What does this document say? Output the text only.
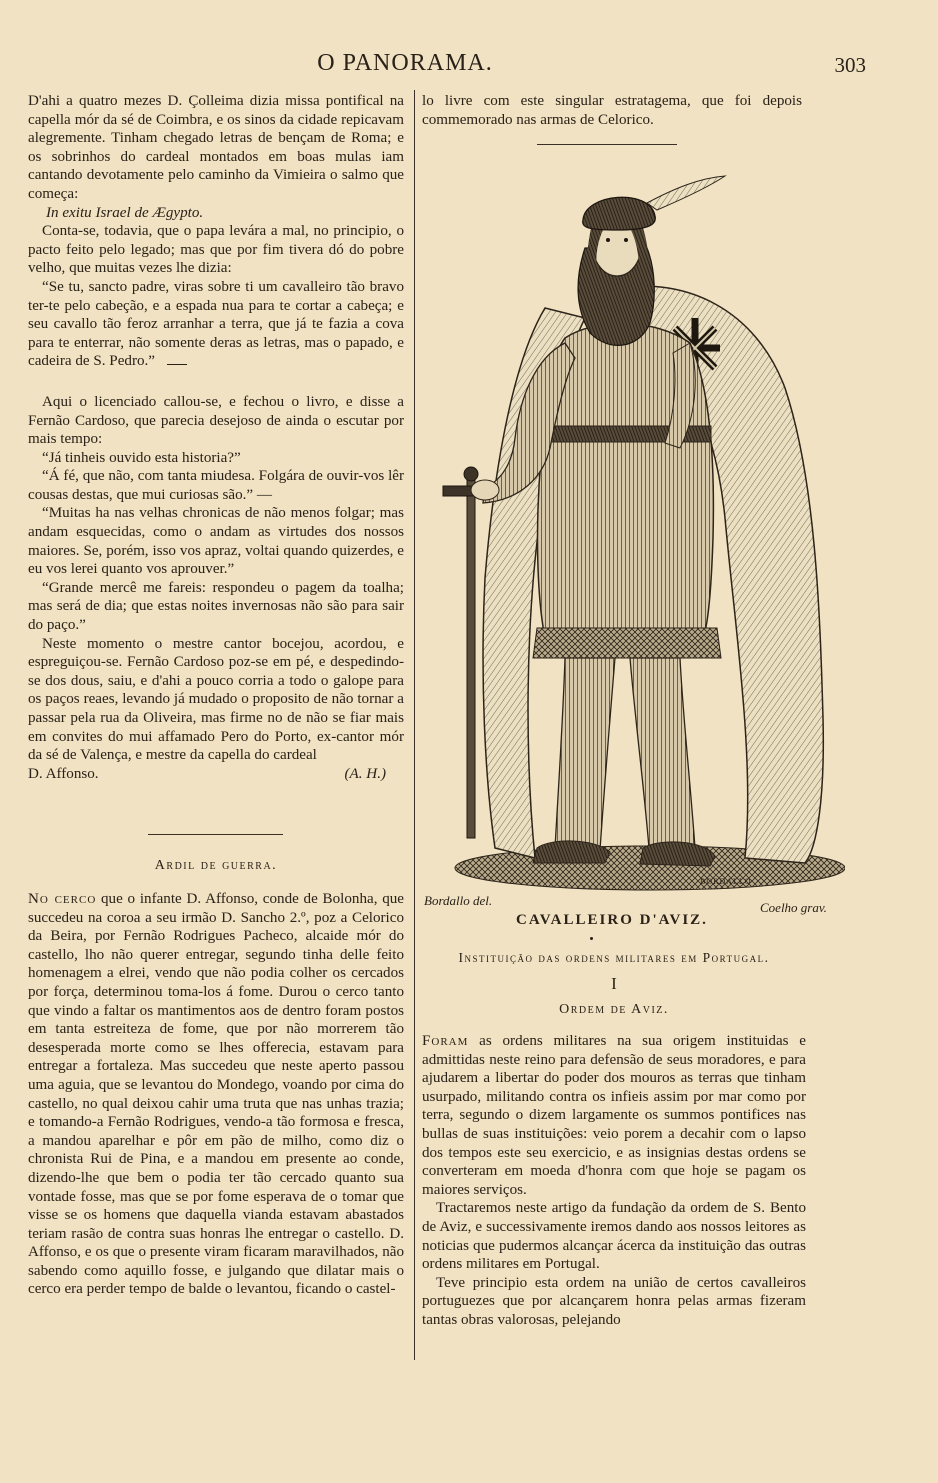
O PANORAMA.	303

D'ahi a quatro mezes D. Çolleima dizia missa pontifical na capella mór da sé de Coimbra, e os sinos da cidade repicavam alegremente. Tinham chegado letras de bençam de Roma; e os sobrinhos do cardeal montados em boas mulas iam cantando devotamente pelo caminho da Vimieira o salmo que começa:

In exitu Israel de Ægypto.

Conta-se, todavia, que o papa levára a mal, no principio, o pacto feito pelo legado; mas que por fim tivera dó do pobre velho, que muitas vezes lhe dizia:

“Se tu, sancto padre, viras sobre ti um cavalleiro tão bravo ter-te pelo cabeção, e a espada nua para te cortar a cabeça; e seu cavallo tão feroz arranhar a terra, que já te fazia a cova para te enterrar, não somente deras as letras, mas o papado, e cadeira de S. Pedro.”

Aqui o licenciado callou-se, e fechou o livro, e disse a Fernão Cardoso, que parecia desejoso de ainda o escutar por mais tempo:

“Já tinheis ouvido esta historia?”

“Á fé, que não, com tanta miudesa. Folgára de ouvir-vos lêr cousas destas, que mui curiosas são.” —

“Muitas ha nas velhas chronicas de não menos folgar; mas andam esquecidas, como o andam as virtudes dos nossos maiores. Se, porém, isso vos apraz, voltai quando quizerdes, e eu vos lerei quanto vos aprouver.”

“Grande mercê me fareis: respondeu o pagem da toalha; mas será de dia; que estas noites invernosas não são para sair do paço.”

Neste momento o mestre cantor bocejou, acordou, e espreguiçou-se. Fernão Cardoso poz-se em pé, e despedindo-se dos dous, saiu, e d'ahi a pouco corria a todo o galope para os paços reaes, levando já mudado o proposito de não tornar a passar pela rua da Oliveira, mas firme no de não se fiar mais em convites do mui affamado Pero do Porto, ex-cantor mór da sé de Valença, e mestre da capella do cardeal

D. Affonso.	(A. H.)
Ardil de guerra.

No cerco que o infante D. Affonso, conde de Bolonha, que succedeu na coroa a seu irmão D. Sancho 2.º, poz a Celorico da Beira, por Fernão Rodrigues Pacheco, alcaide mór do castello, lho não querer entregar, segundo tinha delle feito homenagem a elrei, vendo que não podia colher os cercados por força, determinou toma-los á fome. Durou o cerco tanto que vindo a faltar os mantimentos aos de dentro foram postos em tanta estreiteza de fome, que por não morrerem tão desesperada morte como se lhes offerecia, estavam para entregar a fortaleza. Mas succedeu que neste aperto passou uma aguia, que se levantou do Mondego, voando por cima do castello, no qual deixou cahir uma truta que nas unhas trazia; e tomando-a Fernão Rodrigues, vendo-a tão formosa e fresca, a mandou aparelhar e pôr em pão de milho, como diz o chronista Rui de Pina, e a mandou em presente ao conde, dizendo-lhe que bem o podia ter tão cercado quanto sua vontade fosse, mas que se por fome esperava de o tomar que visse se os homens que daquella vianda estavam abastados teriam rasão de contra suas honras lhe entregar o castello. D. Affonso, e os que o presente viram ficaram maravilhados, não sabendo como aquillo fosse, e julgando que dilatar mais o cerco era perder tempo de balde o levantou, ficando o castel-

lo livre com este singular estratagema, que foi depois commemorado nas armas de Celorico.
BORDALLO
Bordallo del.	Coelho grav.
CAVALLEIRO D'AVIZ.
Instituição das ordens militares em Portugal.
I
Ordem de Aviz.

Foram as ordens militares na sua origem instituidas e admittidas neste reino para defensão de seus moradores, e para ajudarem a libertar do poder dos mouros as terras que tinham usurpado, militando contra os infieis assim por mar como por terra, segundo o dizem largamente os summos pontifices nas bullas de suas instituições: veio porem a decahir com o lapso dos tempos este seu exercicio, e as insignias destas ordens se converteram em moeda d'honra com que hoje se pagam os maiores serviços.

Tractaremos neste artigo da fundação da ordem de S. Bento de Aviz, e successivamente iremos dando aos nossos leitores as noticias que pudermos alcançar ácerca da instituição das outras ordens militares em Portugal.

Teve principio esta ordem na união de certos cavalleiros portuguezes que por alcançarem honra pelas armas fizeram tantas obras valorosas, pelejando
